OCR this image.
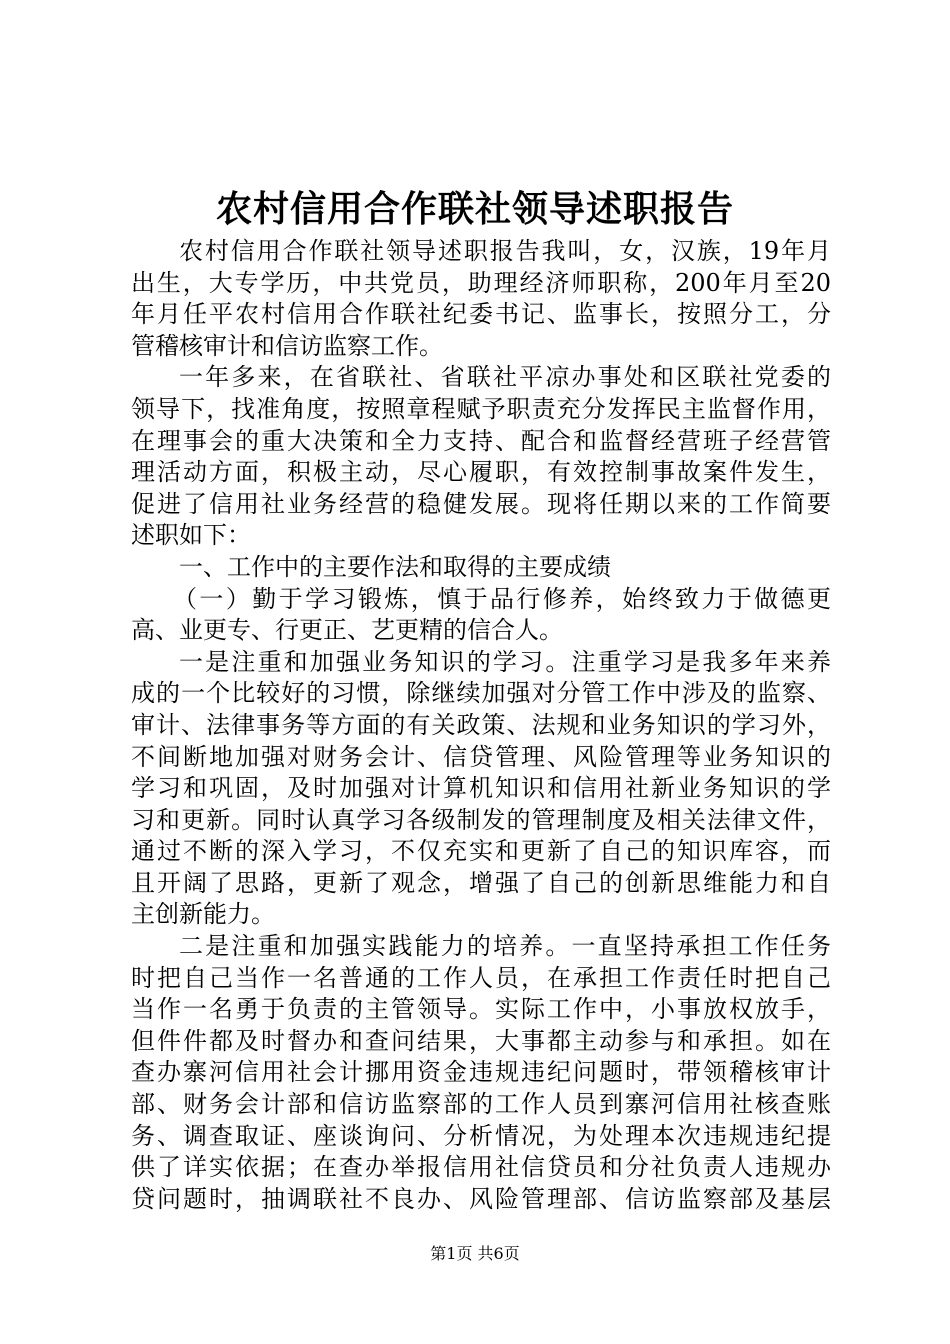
农村信用合作联社领导述职报告
农村信用合作联社领导述职报告我叫，女，汉族，19年月
出生，大专学历，中共党员，助理经济师职称，200年月至20
年月任平农村信用合作联社纪委书记、监事长，按照分工，分
管稽核审计和信访监察工作。
一年多来，在省联社、省联社平凉办事处和区联社党委的
领导下，找准角度，按照章程赋予职责充分发挥民主监督作用，
在理事会的重大决策和全力支持、配合和监督经营班子经营管
理活动方面，积极主动，尽心履职，有效控制事故案件发生，
促进了信用社业务经营的稳健发展。现将任期以来的工作简要
述职如下：
一、工作中的主要作法和取得的主要成绩
（一）勤于学习锻炼，慎于品行修养，始终致力于做德更
高、业更专、行更正、艺更精的信合人。
一是注重和加强业务知识的学习。注重学习是我多年来养
成的一个比较好的习惯，除继续加强对分管工作中涉及的监察、
审计、法律事务等方面的有关政策、法规和业务知识的学习外，
不间断地加强对财务会计、信贷管理、风险管理等业务知识的
学习和巩固，及时加强对计算机知识和信用社新业务知识的学
习和更新。同时认真学习各级制发的管理制度及相关法律文件，
通过不断的深入学习，不仅充实和更新了自己的知识库容，而
且开阔了思路，更新了观念，增强了自己的创新思维能力和自
主创新能力。
二是注重和加强实践能力的培养。一直坚持承担工作任务
时把自己当作一名普通的工作人员，在承担工作责任时把自己
当作一名勇于负责的主管领导。实际工作中，小事放权放手，
但件件都及时督办和查问结果，大事都主动参与和承担。如在
查办寨河信用社会计挪用资金违规违纪问题时，带领稽核审计
部、财务会计部和信访监察部的工作人员到寨河信用社核查账
务、调查取证、座谈询问、分析情况，为处理本次违规违纪提
供了详实依据；在查办举报信用社信贷员和分社负责人违规办
贷问题时，抽调联社不良办、风险管理部、信访监察部及基层
第1页 共6页
